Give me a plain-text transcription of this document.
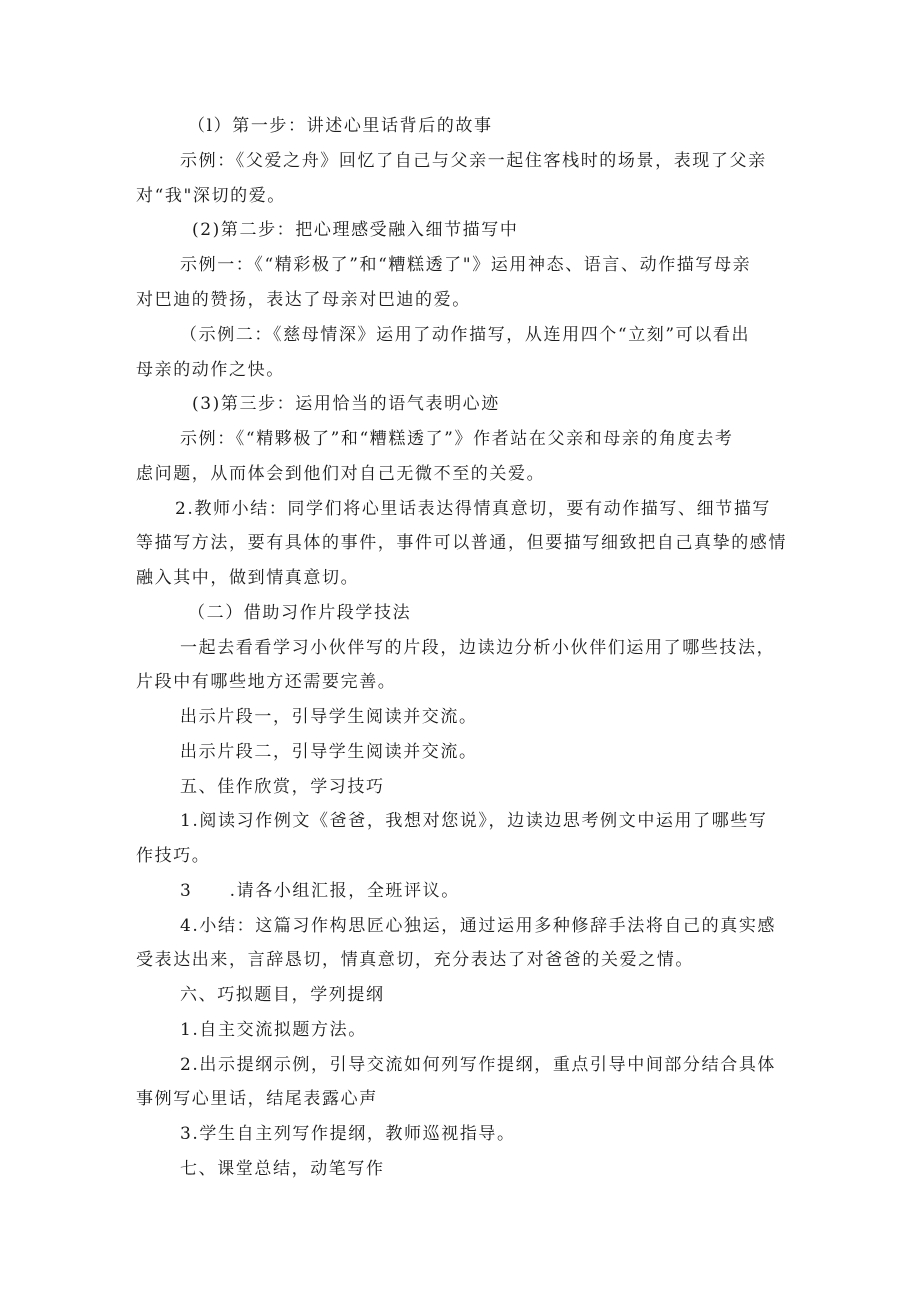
（l）第一步：讲述心里话背后的故事
示例：《父爱之舟》回忆了自己与父亲一起住客栈时的场景，表现了父亲
对“我"深切的爱。
(2)第二步：把心理感受融入细节描写中
示例一：《“精彩极了”和“糟糕透了"》运用神态、语言、动作描写母亲
对巴迪的赞扬，表达了母亲对巴迪的爱。
（示例二：《慈母情深》运用了动作描写，从连用四个“立刻”可以看出
母亲的动作之快。
(3)第三步：运用恰当的语气表明心迹
示例：《“精夥极了”和“糟糕透了”》作者站在父亲和母亲的角度去考
虑问题，从而体会到他们对自己无微不至的关爱。
2.教师小结：同学们将心里话表达得情真意切，要有动作描写、细节描写
等描写方法，要有具体的事件，事件可以普通，但要描写细致把自己真挚的感情
融入其中，做到情真意切。
（二）借助习作片段学技法
一起去看看学习小伙伴写的片段，边读边分析小伙伴们运用了哪些技法，
片段中有哪些地方还需要完善。
出示片段一，引导学生阅读并交流。
出示片段二，引导学生阅读并交流。
五、佳作欣赏，学习技巧
1.阅读习作例文《爸爸，我想对您说》，边读边思考例文中运用了哪些写
作技巧。
3　　.请各小组汇报，全班评议。
4.小结：这篇习作构思匠心独运，通过运用多种修辞手法将自己的真实感
受表达出来，言辞恳切，情真意切，充分表达了对爸爸的关爱之情。
六、巧拟题目，学列提纲
1.自主交流拟题方法。
2.出示提纲示例，引导交流如何列写作提纲，重点引导中间部分结合具体
事例写心里话，结尾表露心声
3.学生自主列写作提纲，教师巡视指导。
七、课堂总结，动笔写作
